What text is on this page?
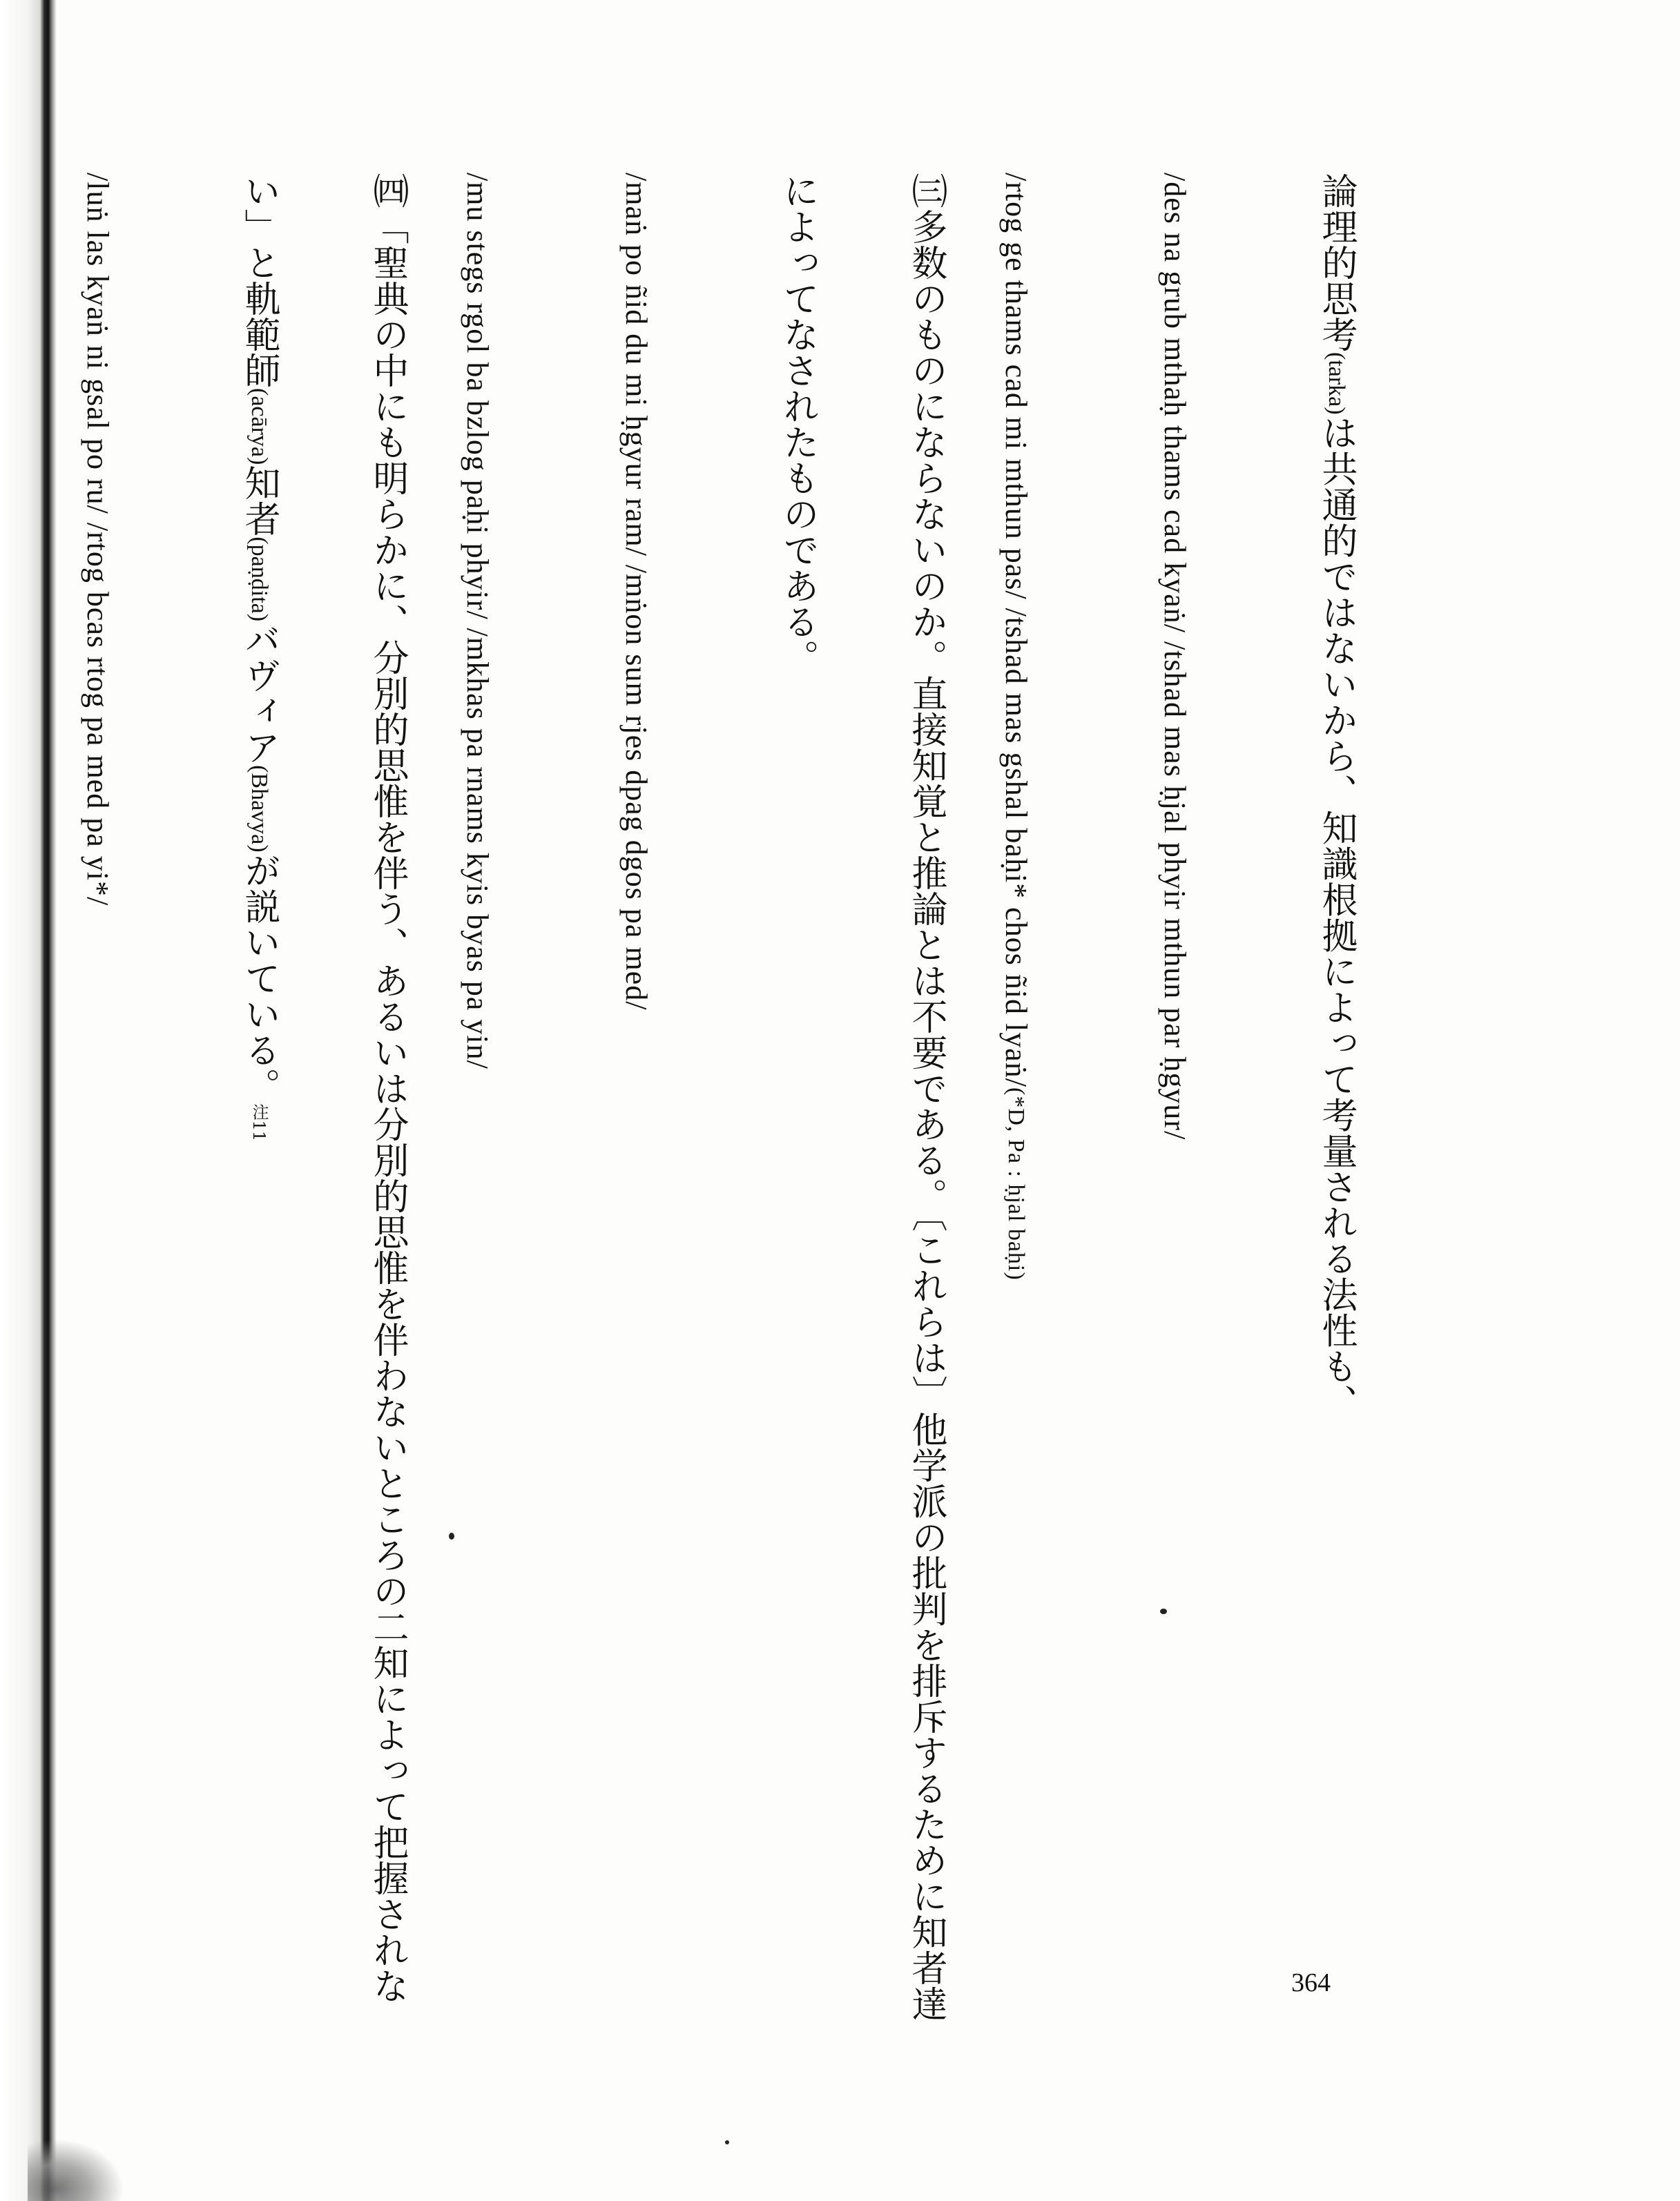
論理的思考(tarka)は共通的ではないから、知識根拠によって考量される法性も、
/des na grub mthaḥ thams cad kyaṅ/ /tshad mas ḥjal phyir mthun par ḥgyur/
/rtog ge thams cad mi mthun pas/ /tshad mas gshal baḥi* chos ñid lyaṅ/(*D, Pa : ḥjal baḥi)
㈢多数のものにならないのか。直接知覚と推論とは不要である。〔これらは〕他学派の批判を排斥するために知者達
によってなされたものである。
/maṅ po ñid du mi ḥgyur ram/ /mṅon sum rjes dpag dgos pa med/
/mu stegs rgol ba bzlog paḥi phyir/ /mkhas pa rnams kyis byas pa yin/
㈣「聖典の中にも明らかに、分別的思惟を伴う、あるいは分別的思惟を伴わないところの二知によって把握されな
い」と軌範師(acārya)知者(paṇḍita)バヴィア(Bhavya)が説いている。注11
/luṅ las kyaṅ ni gsal po ru/ /rtog bcas rtog pa med pa yi*/
364
